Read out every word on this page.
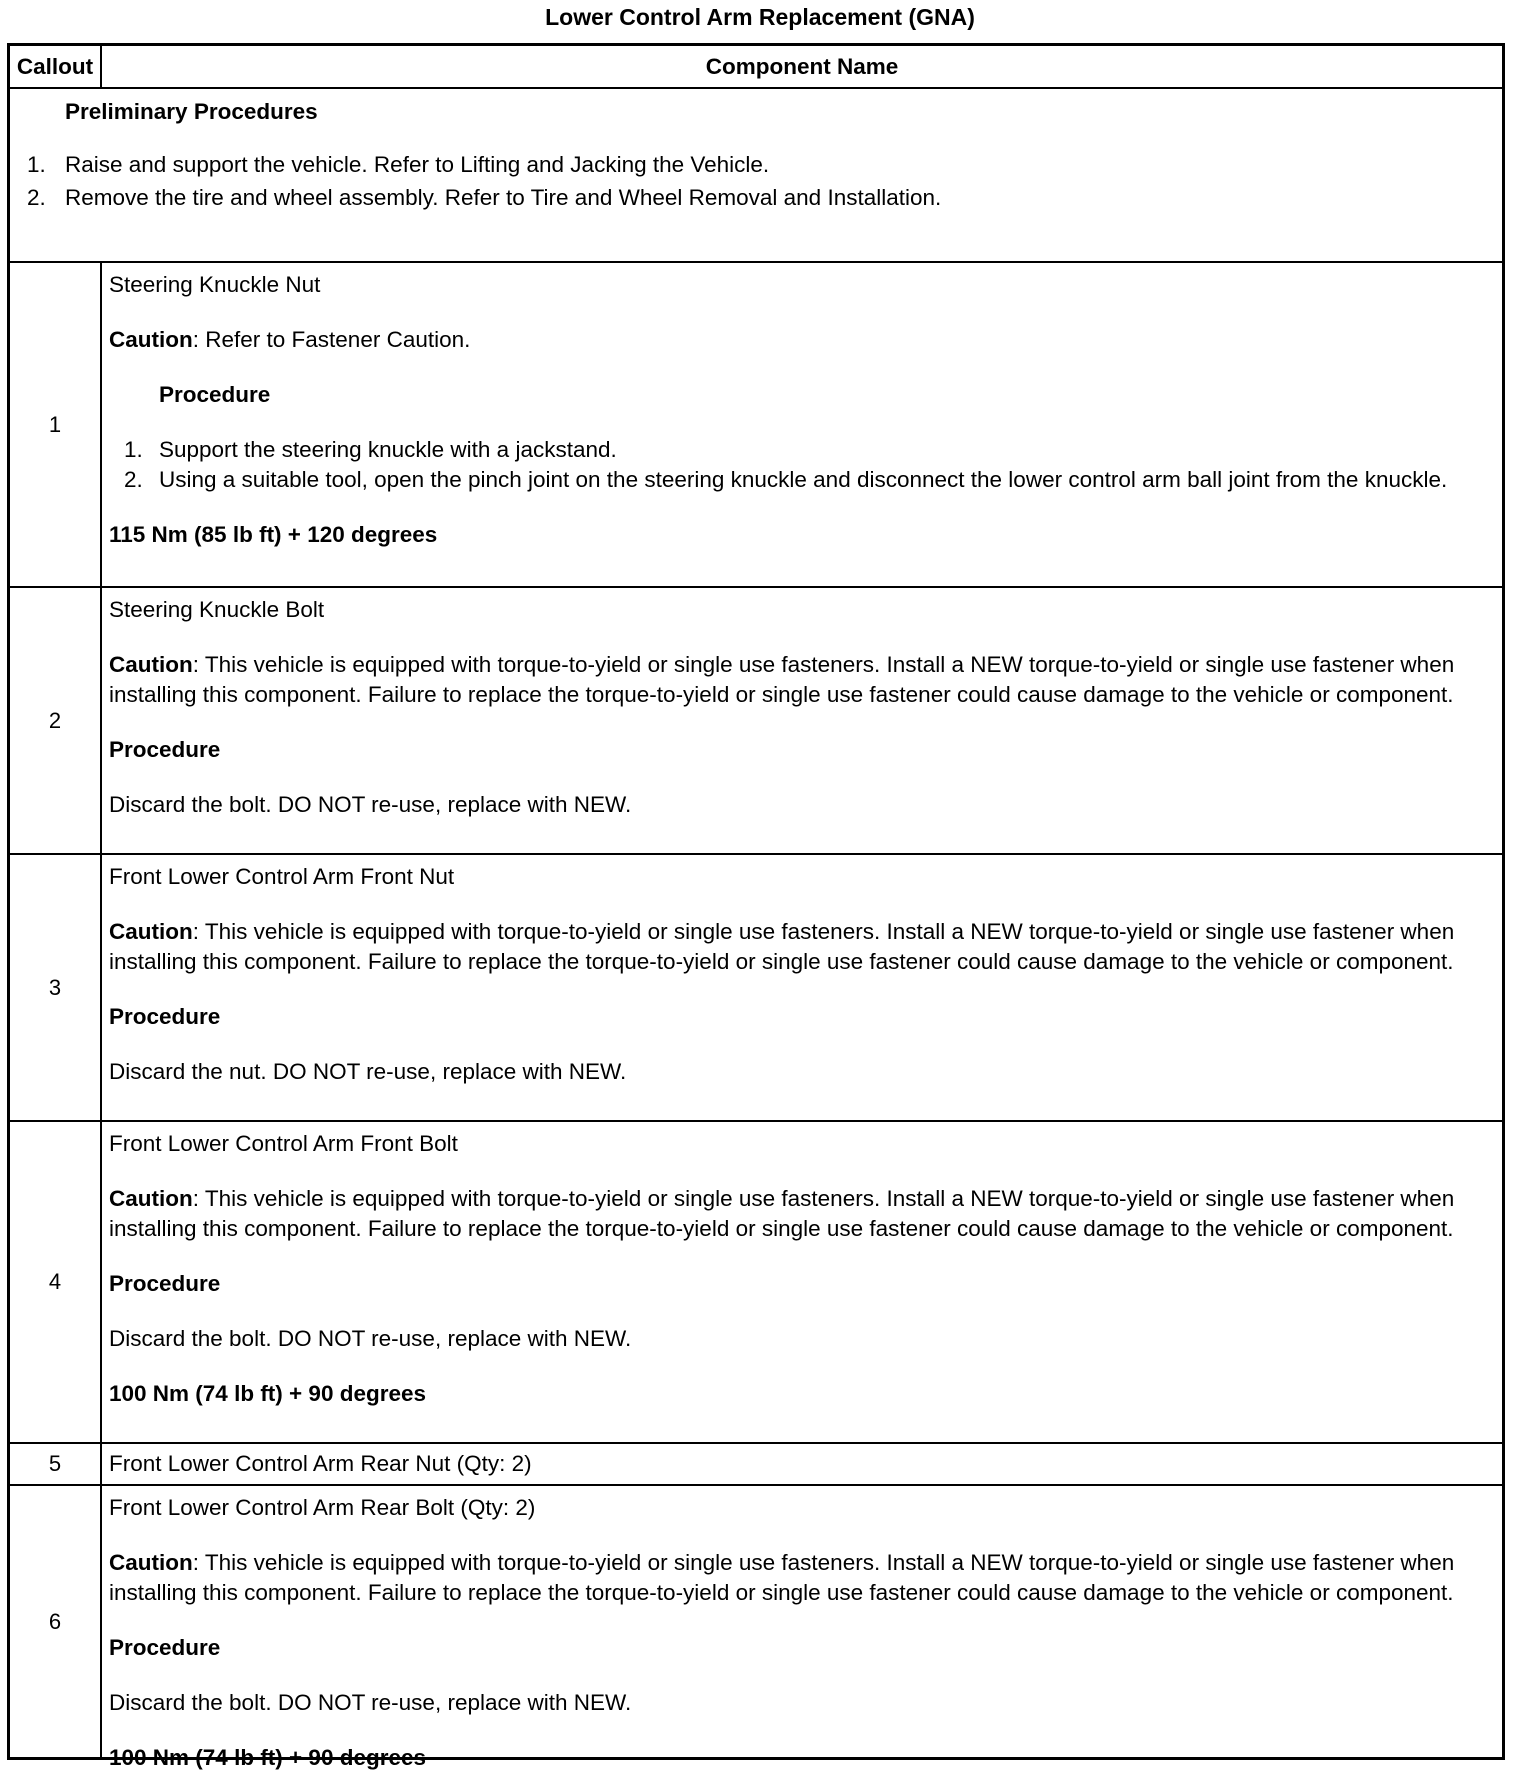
Lower Control Arm Replacement (GNA)
Callout	Component Name
Preliminary Procedures
1. Raise and support the vehicle. Refer to Lifting and Jacking the Vehicle.
2. Remove the tire and wheel assembly. Refer to Tire and Wheel Removal and Installation.
1
Steering Knuckle Nut
Caution: Refer to Fastener Caution.
Procedure
1. Support the steering knuckle with a jackstand.
2. Using a suitable tool, open the pinch joint on the steering knuckle and disconnect the lower control arm ball joint from the knuckle.
115 Nm (85 lb ft) + 120 degrees
2
Steering Knuckle Bolt
Caution: This vehicle is equipped with torque-to-yield or single use fasteners. Install a NEW torque-to-yield or single use fastener when installing this component. Failure to replace the torque-to-yield or single use fastener could cause damage to the vehicle or component.
Procedure
Discard the bolt. DO NOT re-use, replace with NEW.
3
Front Lower Control Arm Front Nut
Caution: This vehicle is equipped with torque-to-yield or single use fasteners. Install a NEW torque-to-yield or single use fastener when installing this component. Failure to replace the torque-to-yield or single use fastener could cause damage to the vehicle or component.
Procedure
Discard the nut. DO NOT re-use, replace with NEW.
4
Front Lower Control Arm Front Bolt
Caution: This vehicle is equipped with torque-to-yield or single use fasteners. Install a NEW torque-to-yield or single use fastener when installing this component. Failure to replace the torque-to-yield or single use fastener could cause damage to the vehicle or component.
Procedure
Discard the bolt. DO NOT re-use, replace with NEW.
100 Nm (74 lb ft) + 90 degrees
5	Front Lower Control Arm Rear Nut (Qty: 2)
6
Front Lower Control Arm Rear Bolt (Qty: 2)
Caution: This vehicle is equipped with torque-to-yield or single use fasteners. Install a NEW torque-to-yield or single use fastener when installing this component. Failure to replace the torque-to-yield or single use fastener could cause damage to the vehicle or component.
Procedure
Discard the bolt. DO NOT re-use, replace with NEW.
100 Nm (74 lb ft) + 90 degrees
